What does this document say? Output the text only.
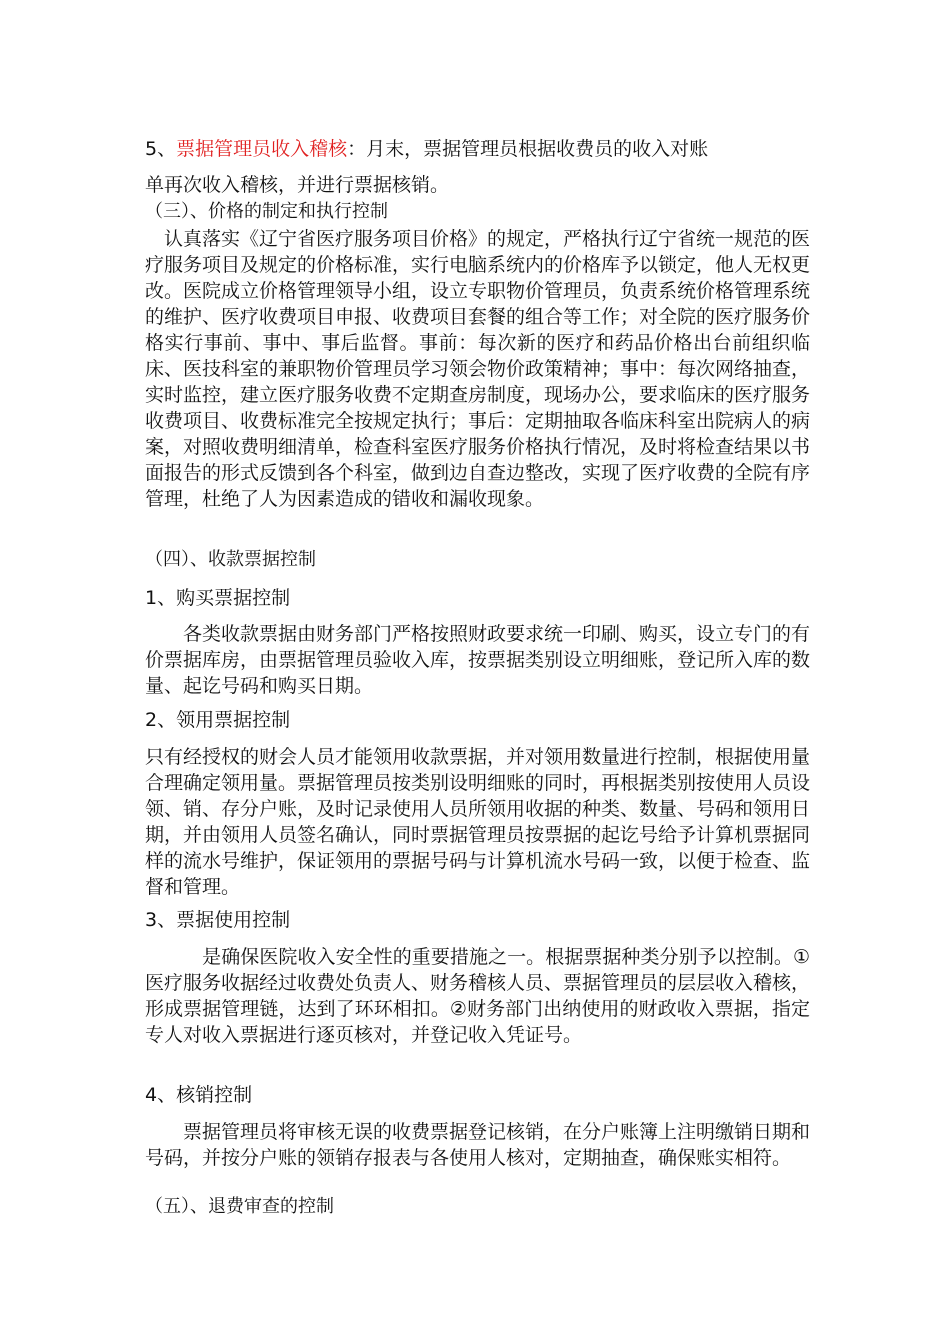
5、票据管理员收入稽核：月末，票据管理员根据收费员的收入对账

单再次收入稽核，并进行票据核销。

（三）、价格的制定和执行控制

　认真落实《辽宁省医疗服务项目价格》的规定，严格执行辽宁省统一规范的医疗服务项目及规定的价格标准，实行电脑系统内的价格库予以锁定，他人无权更改。医院成立价格管理领导小组，设立专职物价管理员，负责系统价格管理系统的维护、医疗收费项目申报、收费项目套餐的组合等工作；对全院的医疗服务价格实行事前、事中、事后监督。事前：每次新的医疗和药品价格出台前组织临床、医技科室的兼职物价管理员学习领会物价政策精神；事中：每次网络抽查，实时监控，建立医疗服务收费不定期查房制度，现场办公，要求临床的医疗服务收费项目、收费标准完全按规定执行；事后：定期抽取各临床科室出院病人的病案，对照收费明细清单，检查科室医疗服务价格执行情况，及时将检查结果以书面报告的形式反馈到各个科室，做到边自查边整改，实现了医疗收费的全院有序管理，杜绝了人为因素造成的错收和漏收现象。

（四）、收款票据控制

1、购买票据控制

　　各类收款票据由财务部门严格按照财政要求统一印刷、购买，设立专门的有价票据库房，由票据管理员验收入库，按票据类别设立明细账，登记所入库的数量、起讫号码和购买日期。

2、领用票据控制

只有经授权的财会人员才能领用收款票据，并对领用数量进行控制，根据使用量合理确定领用量。票据管理员按类别设明细账的同时，再根据类别按使用人员设领、销、存分户账，及时记录使用人员所领用收据的种类、数量、号码和领用日期，并由领用人员签名确认，同时票据管理员按票据的起讫号给予计算机票据同样的流水号维护，保证领用的票据号码与计算机流水号码一致，以便于检查、监督和管理。

3、票据使用控制

　　　是确保医院收入安全性的重要措施之一。根据票据种类分别予以控制。①医疗服务收据经过收费处负责人、财务稽核人员、票据管理员的层层收入稽核，形成票据管理链，达到了环环相扣。②财务部门出纳使用的财政收入票据，指定专人对收入票据进行逐页核对，并登记收入凭证号。

4、核销控制

　　票据管理员将审核无误的收费票据登记核销，在分户账簿上注明缴销日期和号码，并按分户账的领销存报表与各使用人核对，定期抽查，确保账实相符。

（五）、退费审查的控制
